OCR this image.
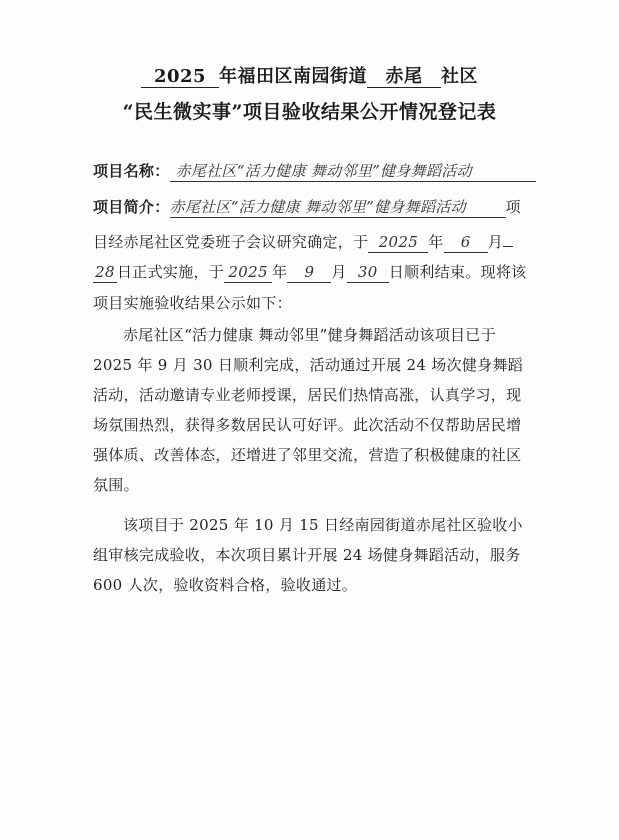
2025 年福田区南园街道 赤尾 社区
“民生微实事”项目验收结果公开情况登记表
项目名称： 赤尾社区“活力健康 舞动邻里”健身舞蹈活动
项目简介：赤尾社区“活力健康 舞动邻里”健身舞蹈活动	项
目经赤尾社区党委班子会议研究确定，于 2025 年 6 月
28 日正式实施，于 2025 年 9 月 30 日顺利结束。现将该
项目实施验收结果公示如下：
赤尾社区“活力健康 舞动邻里”健身舞蹈活动该项目已于 2025 年 9 月 30 日顺利完成，活动通过开展 24 场次健身舞蹈活动，活动邀请专业老师授课，居民们热情高涨，认真学习，现场氛围热烈，获得多数居民认可好评。此次活动不仅帮助居民增强体质、改善体态，还增进了邻里交流，营造了积极健康的社区氛围。
该项目于 2025 年 10 月 15 日经南园街道赤尾社区验收小组审核完成验收，本次项目累计开展 24 场健身舞蹈活动，服务 600 人次，验收资料合格，验收通过。
